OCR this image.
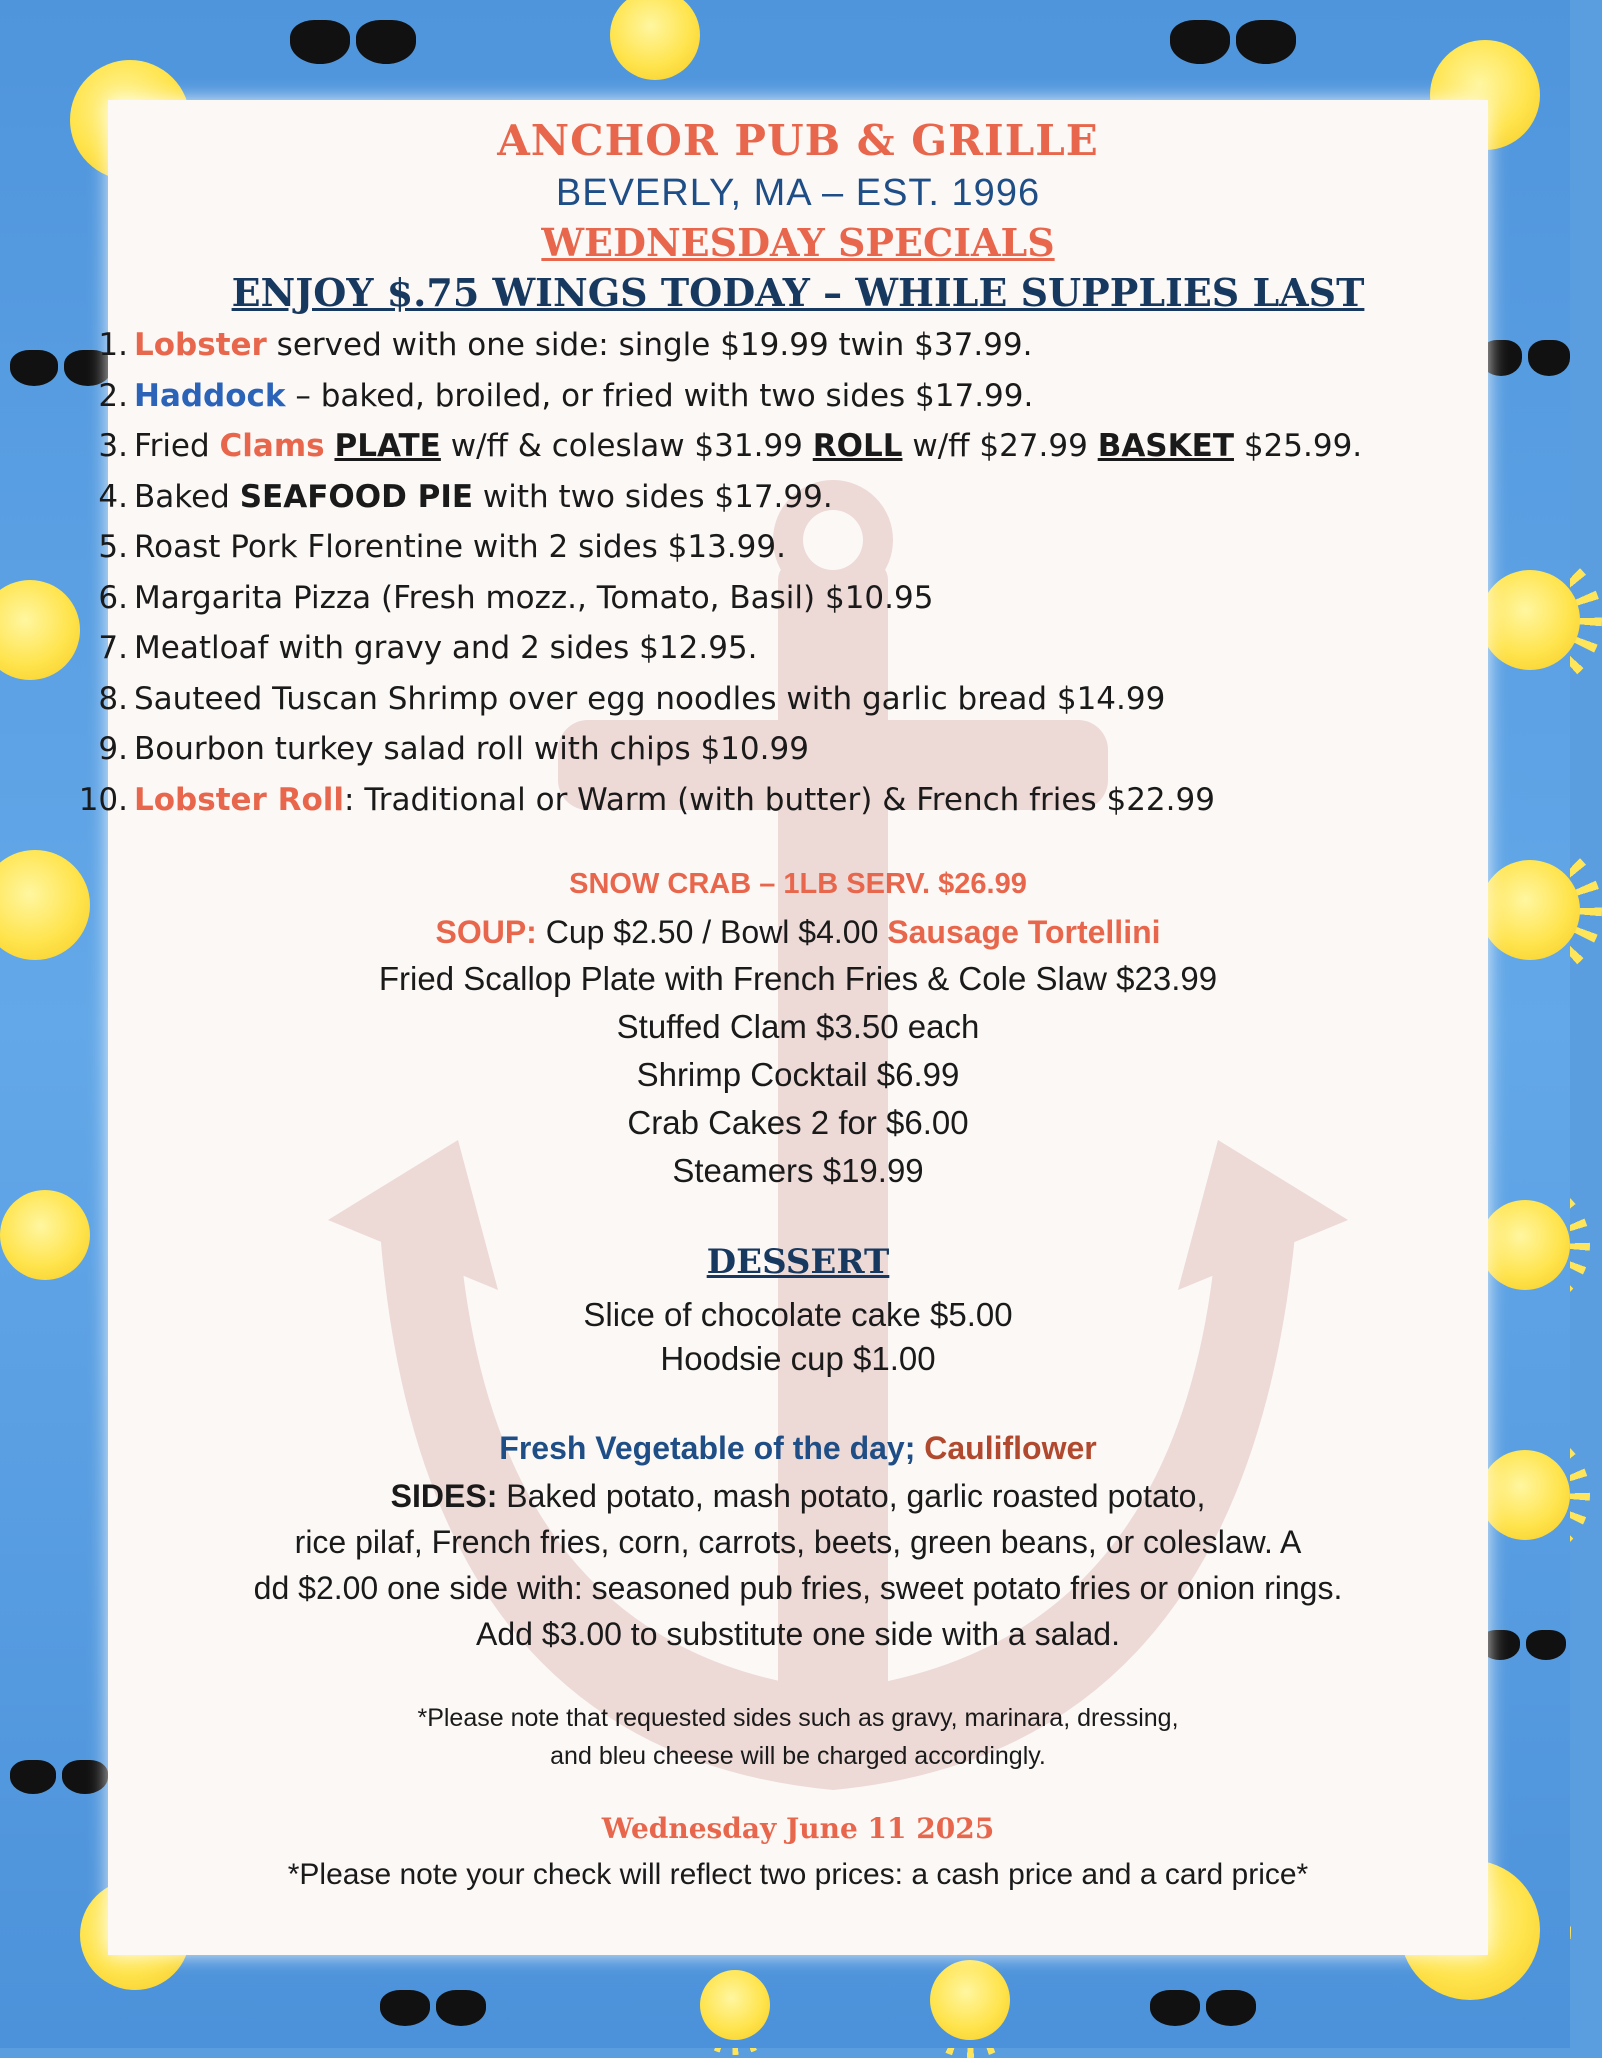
ANCHOR PUB & GRILLE
BEVERLY, MA – EST. 1996
WEDNESDAY SPECIALS
ENJOY $.75 WINGS TODAY – WHILE SUPPLIES LAST
1. Lobster served with one side: single $19.99 twin $37.99.
2. Haddock – baked, broiled, or fried with two sides $17.99.
3. Fried Clams PLATE w/ff & coleslaw $31.99 ROLL w/ff $27.99 BASKET $25.99.
4. Baked SEAFOOD PIE with two sides $17.99.
5. Roast Pork Florentine with 2 sides $13.99.
6. Margarita Pizza (Fresh mozz., Tomato, Basil) $10.95
7. Meatloaf with gravy and 2 sides $12.95.
8. Sauteed Tuscan Shrimp over egg noodles with garlic bread $14.99
9. Bourbon turkey salad roll with chips $10.99
10. Lobster Roll: Traditional or Warm (with butter) & French fries $22.99
SNOW CRAB – 1LB SERV. $26.99
SOUP: Cup $2.50 / Bowl $4.00 Sausage Tortellini
Fried Scallop Plate with French Fries & Cole Slaw $23.99
Stuffed Clam $3.50 each
Shrimp Cocktail $6.99
Crab Cakes 2 for $6.00
Steamers $19.99
DESSERT
Slice of chocolate cake $5.00
Hoodsie cup $1.00
Fresh Vegetable of the day; Cauliflower
SIDES: Baked potato, mash potato, garlic roasted potato,
rice pilaf, French fries, corn, carrots, beets, green beans, or coleslaw. A
dd $2.00 one side with: seasoned pub fries, sweet potato fries or onion rings.
Add $3.00 to substitute one side with a salad.
*Please note that requested sides such as gravy, marinara, dressing,
and bleu cheese will be charged accordingly.
Wednesday June 11 2025
*Please note your check will reflect two prices: a cash price and a card price*
